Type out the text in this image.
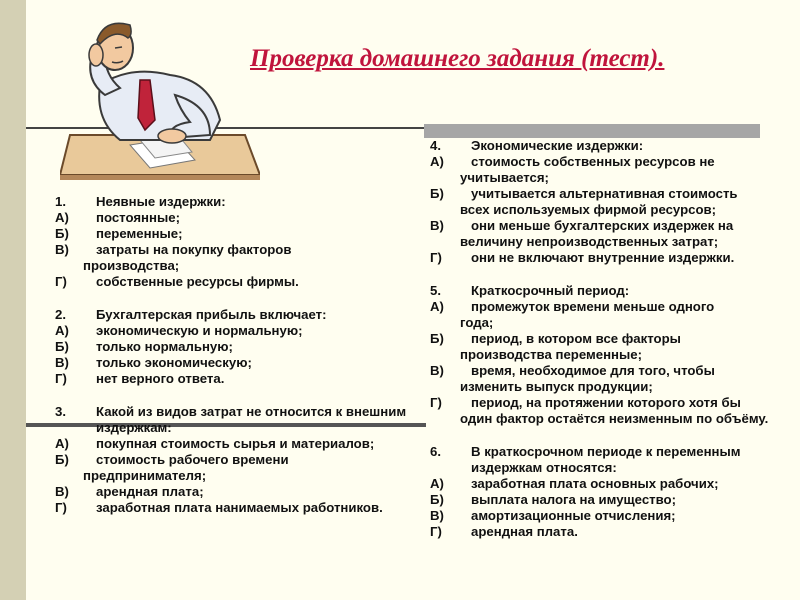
Проверка домашнего задания (тест).
1.	Неявные издержки:
А)	постоянные;
Б)	переменные;
В)	затраты на покупку факторов
производства;
Г)	собственные ресурсы фирмы.
2.	Бухгалтерская прибыль включает:
А)	экономическую и нормальную;
Б)	только нормальную;
В)	только экономическую;
Г)	нет верного ответа.
3.	Какой из видов затрат не относится к внешним издержкам:
А)	покупная стоимость сырья и материалов;
Б)	стоимость рабочего времени
предпринимателя;
В)	арендная плата;
Г)	заработная плата нанимаемых работников.
4.	Экономические издержки:
А)	стоимость собственных ресурсов не
учитывается;
Б)	учитывается альтернативная стоимость
всех используемых фирмой ресурсов;
В)	они меньше бухгалтерских издержек на
величину непроизводственных затрат;
Г)	они не включают внутренние издержки.
5.	Краткосрочный период:
А)	промежуток времени меньше одного
года;
Б)	период, в котором все факторы
производства переменные;
В)	время, необходимое для того, чтобы
изменить выпуск продукции;
Г)	период, на протяжении которого хотя бы
один фактор остаётся неизменным по объёму.
6.	В краткосрочном периоде к переменным издержкам относятся:
А)	заработная плата основных рабочих;
Б)	выплата налога на имущество;
В)	амортизационные отчисления;
Г)	арендная плата.
